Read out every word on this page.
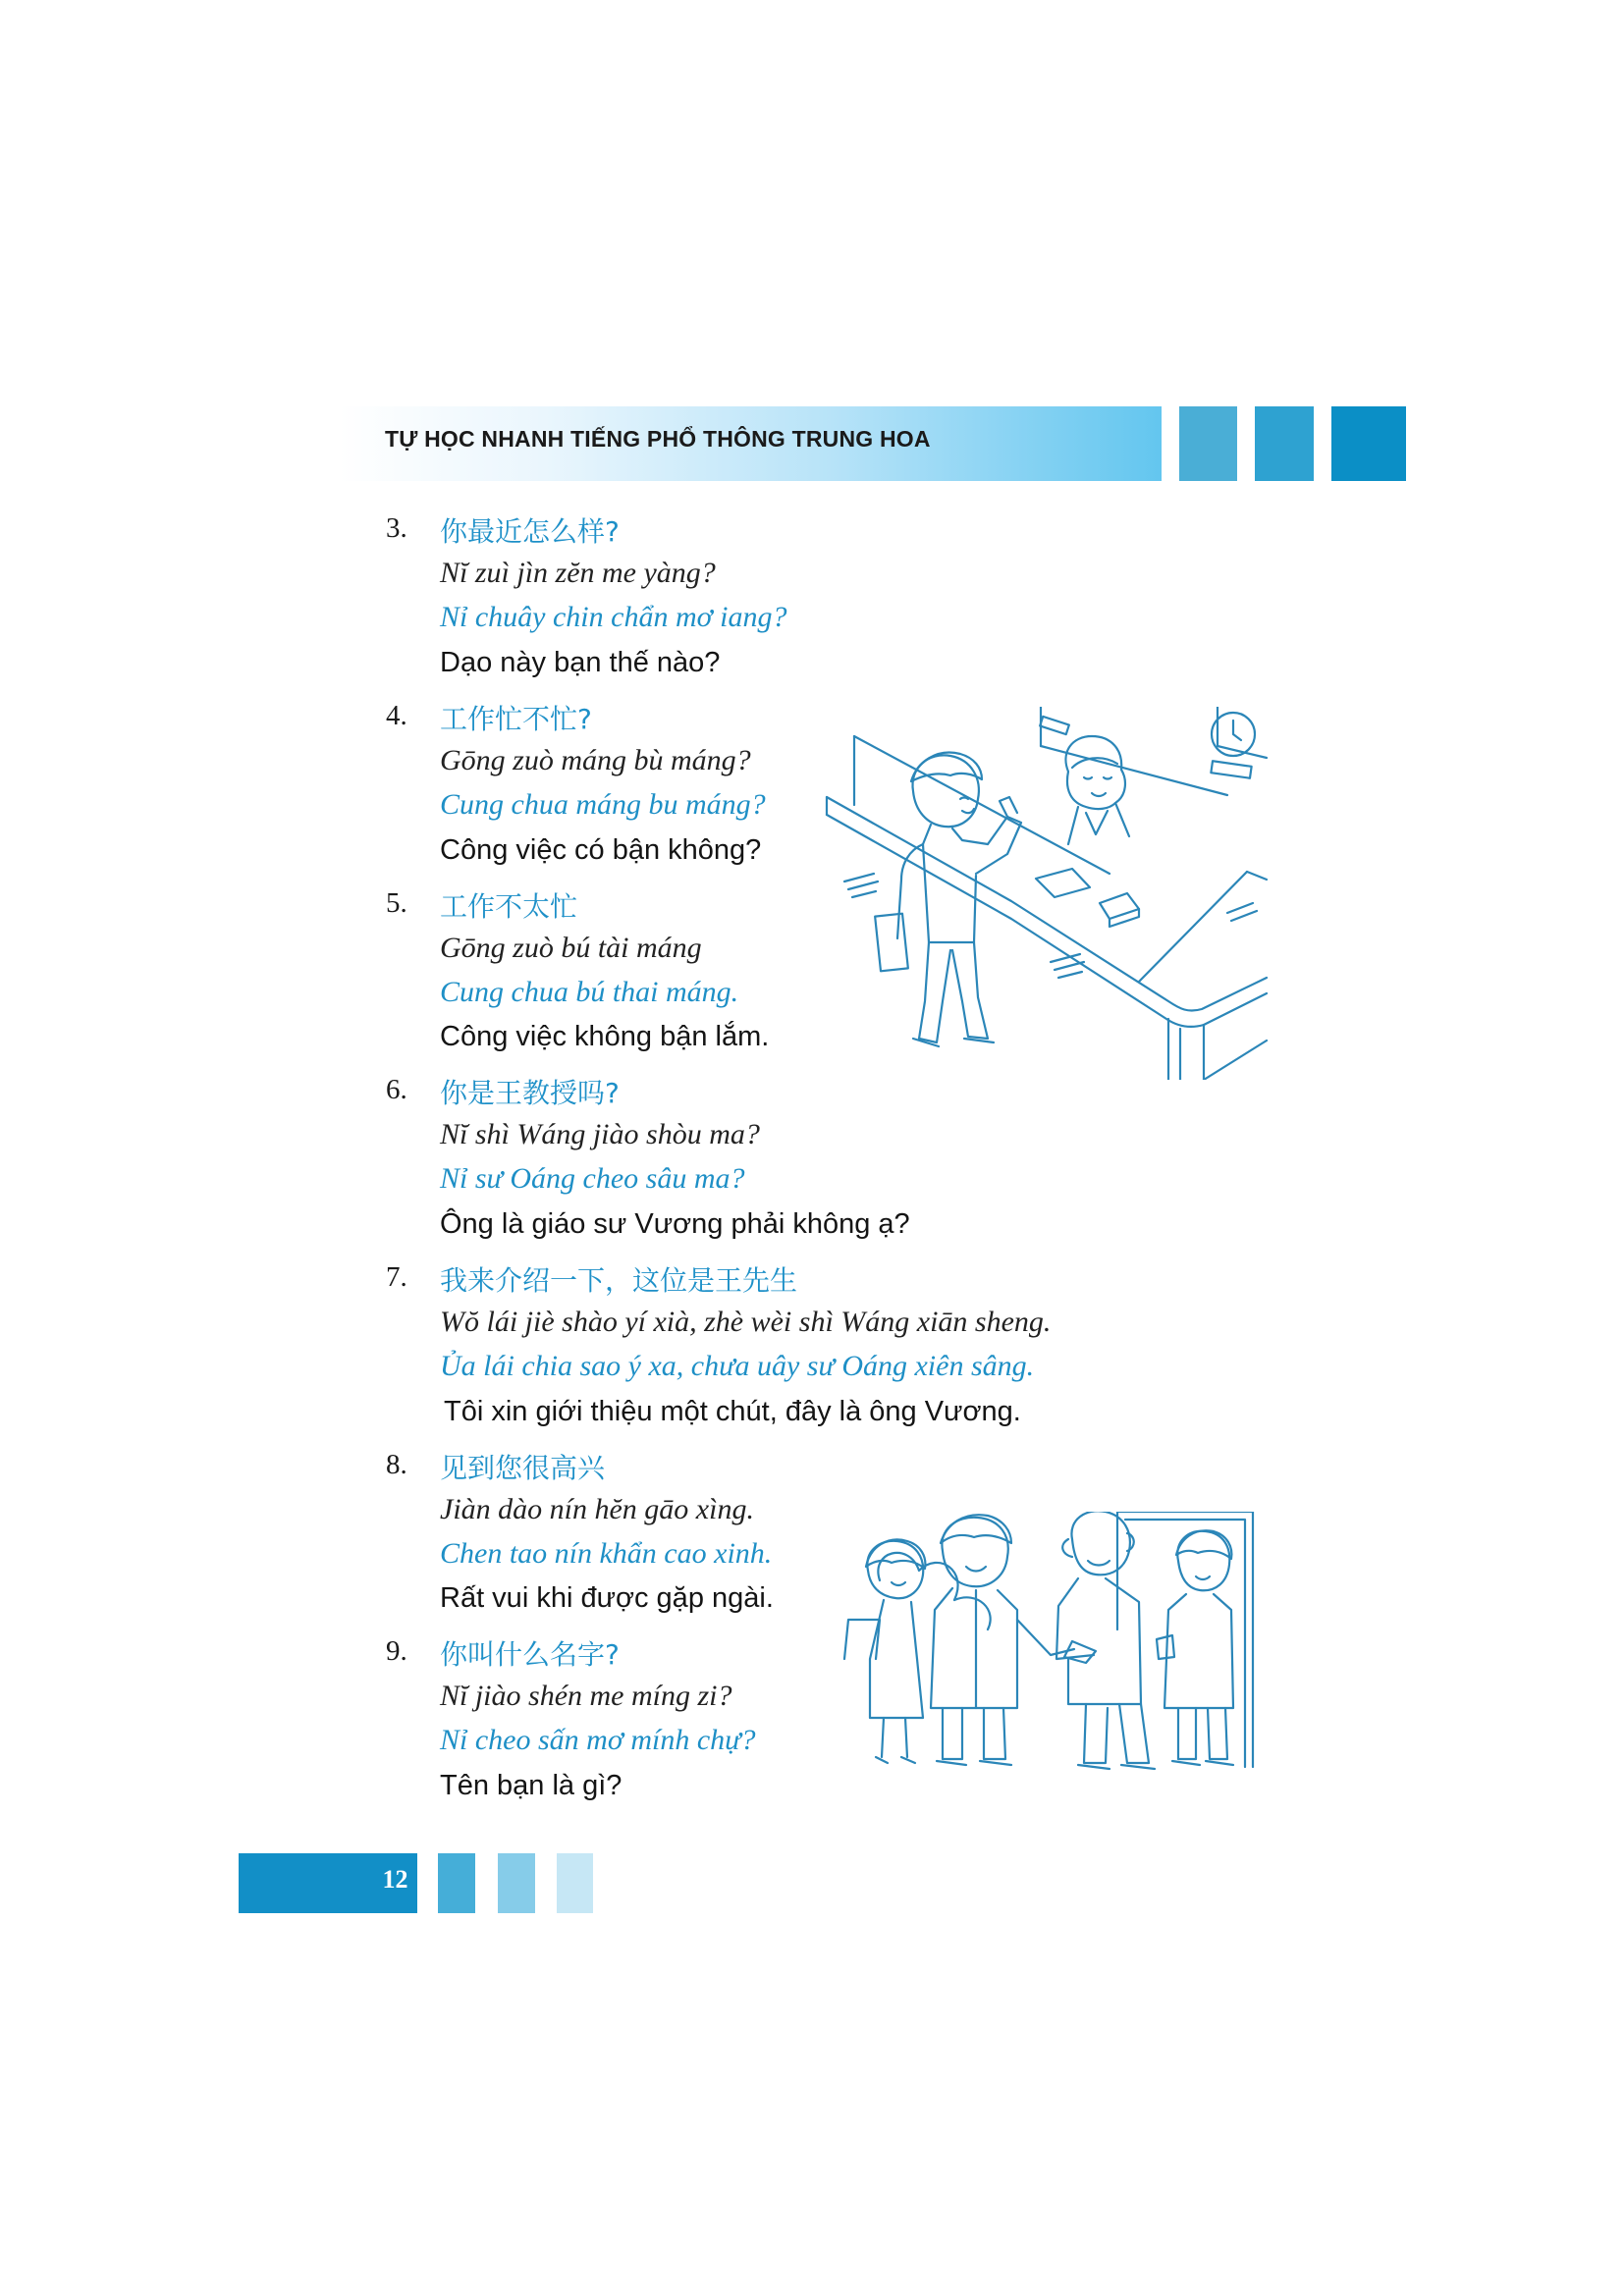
TỰ HỌC NHANH TIẾNG PHỔ THÔNG TRUNG HOA
3.	你最近怎么样?
Nĭ zuì jìn zĕn me yàng?
Nỉ chuây chin chẩn mơ iang?
Dạo này bạn thế nào?
4.	工作忙不忙?
Gōng zuò máng bù máng?
Cung chua máng bu máng?
Công việc có bận không?
5.	工作不太忙
Gōng zuò bú tài máng
Cung chua bú thai máng.
Công việc không bận lắm.
6.	你是王教授吗?
Nĭ shì Wáng jiào shòu ma?
Nỉ sư Oáng cheo sâu ma?
Ông là giáo sư Vương phải không ạ?
7.	我来介绍一下，这位是王先生
Wŏ lái jiè shào yí xià, zhè wèi shì Wáng xiān sheng.
Ủa lái chia sao ý xa, chưa uây sư Oáng xiên sâng.
Tôi xin giới thiệu một chút, đây là ông Vương.
8.	见到您很高兴
Jiàn dào nín hĕn gāo xìng.
Chen tao nín khẩn cao xinh.
Rất vui khi được gặp ngài.
9.	你叫什么名字?
Nĭ jiào shén me míng zi?
Nỉ cheo sấn mơ mính chự?
Tên bạn là gì?
12
